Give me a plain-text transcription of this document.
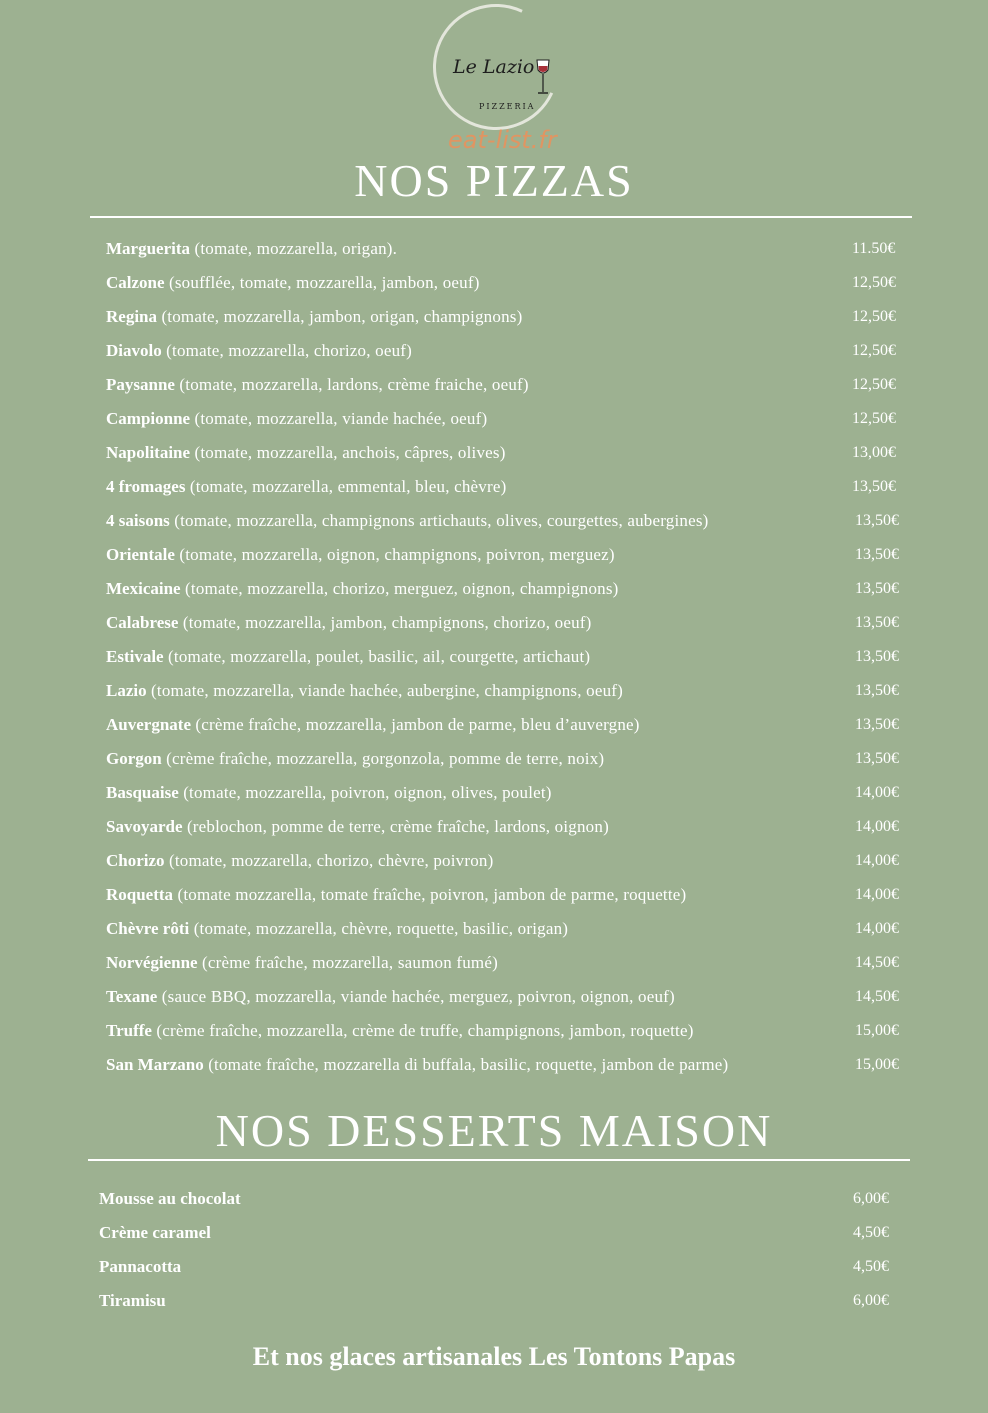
Le Lazio
PIZZERIA
eat-list.fr
NOS PIZZAS
Marguerita (tomate, mozzarella, origan).	11.50€
Calzone (soufflée, tomate, mozzarella, jambon, oeuf)	12,50€
Regina (tomate, mozzarella, jambon, origan, champignons)	12,50€
Diavolo (tomate, mozzarella, chorizo, oeuf)	12,50€
Paysanne (tomate, mozzarella, lardons, crème fraiche, oeuf)	12,50€
Campionne (tomate, mozzarella, viande hachée, oeuf)	12,50€
Napolitaine (tomate, mozzarella, anchois, câpres, olives)	13,00€
4 fromages (tomate, mozzarella, emmental, bleu, chèvre)	13,50€
4 saisons (tomate, mozzarella, champignons artichauts, olives, courgettes, aubergines)	13,50€
Orientale (tomate, mozzarella, oignon, champignons, poivron, merguez)	13,50€
Mexicaine (tomate, mozzarella, chorizo, merguez, oignon, champignons)	13,50€
Calabrese (tomate, mozzarella, jambon, champignons, chorizo, oeuf)	13,50€
Estivale (tomate, mozzarella, poulet, basilic, ail, courgette, artichaut)	13,50€
Lazio (tomate, mozzarella, viande hachée, aubergine, champignons, oeuf)	13,50€
Auvergnate (crème fraîche, mozzarella, jambon de parme, bleu d’auvergne)	13,50€
Gorgon (crème fraîche, mozzarella, gorgonzola, pomme de terre, noix)	13,50€
Basquaise (tomate, mozzarella, poivron, oignon, olives, poulet)	14,00€
Savoyarde (reblochon, pomme de terre, crème fraîche, lardons, oignon)	14,00€
Chorizo (tomate, mozzarella, chorizo, chèvre, poivron)	14,00€
Roquetta (tomate mozzarella, tomate fraîche, poivron, jambon de parme, roquette)	14,00€
Chèvre rôti (tomate, mozzarella, chèvre, roquette, basilic, origan)	14,00€
Norvégienne (crème fraîche, mozzarella, saumon fumé)	14,50€
Texane (sauce BBQ, mozzarella, viande hachée, merguez, poivron, oignon, oeuf)	14,50€
Truffe (crème fraîche, mozzarella, crème de truffe, champignons, jambon, roquette)	15,00€
San Marzano (tomate fraîche, mozzarella di buffala, basilic, roquette, jambon de parme)	15,00€
NOS DESSERTS MAISON
Mousse au chocolat	6,00€
Crème caramel	4,50€
Pannacotta	4,50€
Tiramisu	6,00€
Et nos glaces artisanales Les Tontons Papas
